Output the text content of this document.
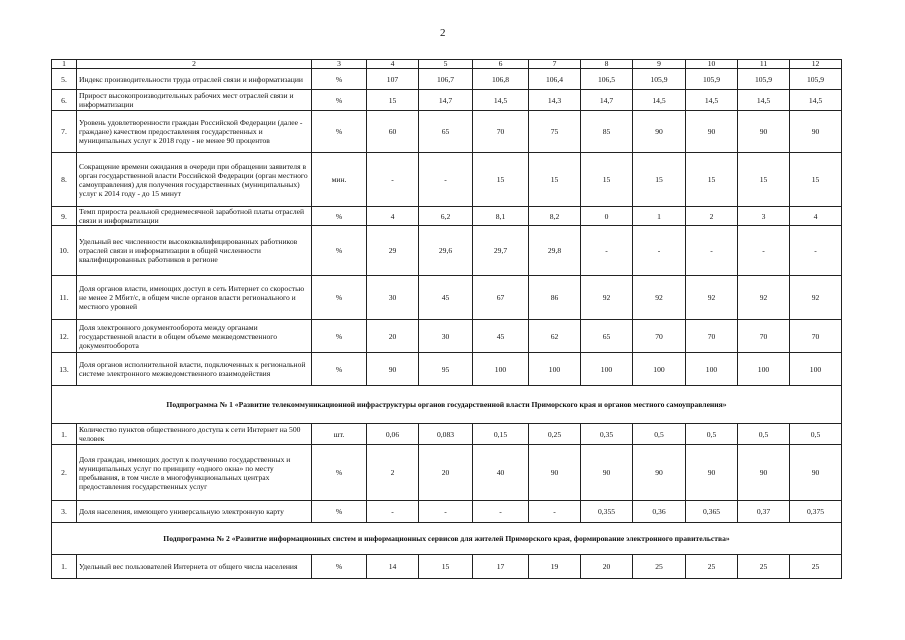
2
1	2	3	4	5	6	7	8	9	10	11	12
5.	Индекс производительности труда отраслей связи и информатизации	%	107	106,7	106,8	106,4	106,5	105,9	105,9	105,9	105,9
6.	Прирост высокопроизводительных рабочих мест отраслей связи и информатизации	%	15	14,7	14,5	14,3	14,7	14,5	14,5	14,5	14,5
7.	Уровень удовлетворенности граждан Российской Федерации (далее - граждане) качеством предоставления государственных и муниципальных услуг к 2018 году - не менее 90 процентов	%	60	65	70	75	85	90	90	90	90
8.	Сокращение времени ожидания в очереди при обращении заявителя в орган государственной власти Российской Федерации (орган местного самоуправления) для получения государственных (муниципальных) услуг к 2014 году - до 15 минут	мин.	-	-	15	15	15	15	15	15	15
9.	Темп прироста реальной среднемесячной заработной платы отраслей связи и информатизации	%	4	6,2	8,1	8,2	0	1	2	3	4
10.	Удельный вес численности высококвалифицированных работников отраслей связи и информатизации в общей численности квалифицированных работников в регионе	%	29	29,6	29,7	29,8	-	-	-	-	-
11.	Доля органов власти, имеющих доступ в сеть Интернет со скоростью не менее 2 Мбит/с, в общем числе органов власти регионального и местного уровней	%	30	45	67	86	92	92	92	92	92
12.	Доля электронного документооборота между органами государственной власти в общем объеме межведомственного документооборота	%	20	30	45	62	65	70	70	70	70
13.	Доля органов исполнительной власти, подключенных к региональной системе электронного межведомственного взаимодействия	%	90	95	100	100	100	100	100	100	100
Подпрограмма № 1 «Развитие телекоммуникационной инфраструктуры органов государственной власти Приморского края и органов местного самоуправления»											
1.	Количество пунктов общественного доступа к сети Интернет на 500 человек	шт.	0,06	0,083	0,15	0,25	0,35	0,5	0,5	0,5	0,5
2.	Доля граждан, имеющих доступ к получению государственных и муниципальных услуг по принципу «одного окна» по месту пребывания, в том числе в многофункциональных центрах предоставления государственных услуг	%	2	20	40	90	90	90	90	90	90
3.	Доля населения, имеющего универсальную электронную карту	%	-	-	-	-	0,355	0,36	0,365	0,37	0,375
Подпрограмма № 2 «Развитие информационных систем и информационных сервисов для жителей Приморского края, формирование электронного правительства»											
1.	Удельный вес пользователей Интернета от общего числа населения	%	14	15	17	19	20	25	25	25	25
